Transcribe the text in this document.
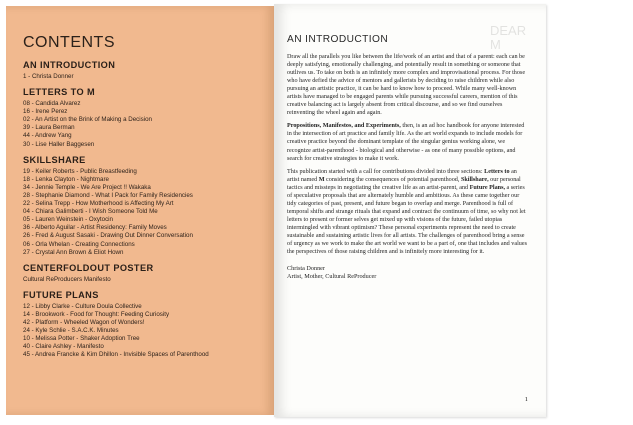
CONTENTS
AN INTRODUCTION
1 - Christa Donner
LETTERS TO M
08 - Candida Alvarez
16 - Irene Perez
02 - An Artist on the Brink of Making a Decision
39 - Laura Berman
44 - Andrew Yang
30 - Lise Haller Baggesen
SKILLSHARE
19 - Keiler Roberts - Public Breastfeeding
18 - Lenka Clayton - Nightmare
34 - Jennie Temple - We Are Project !! Wakaka
28 - Stephanie Diamond - What I Pack for Family Residencies
22 - Selina Trepp - How Motherhood is Affecting My Art
04 - Chiara Galimberti - I Wish Someone Told Me
05 - Lauren Weinstein - Oxytocin
36 - Alberto Aguilar - Artist Residency: Family Moves
26 - Fred & August Sasaki - Drawing Out Dinner Conversation
06 - Orla Whelan - Creating Connections
27 - Crystal Ann Brown & Eliot Hown
CENTERFOLDOUT POSTER
Cultural ReProducers Manifesto
FUTURE PLANS
12 - Libby Clarke - Culture Doula Collective
14 - Brookwork - Food for Thought: Feeding Curiosity
42 - Platform - Wheeled Wagon of Wonders!
24 - Kyle Schlie - S.A.C.K. Minutes
10 - Melissa Potter - Shaker Adoption Tree
40 - Claire Ashley - Manifesto
45 - Andrea Francke & Kim Dhillon - Invisible Spaces of Parenthood
DEAR M
AN INTRODUCTION

Draw all the parallels you like between the life/work of an artist and that of a parent: each can be deeply satisfying, emotionally challenging, and potentially result in something or someone that outlives us. To take on both is an infinitely more complex and improvisational process. For those who have defied the advice of mentors and gallerists by deciding to raise children while also pursuing an artistic practice, it can be hard to know how to proceed. While many well-known artists have managed to be engaged parents while pursuing successful careers, mention of this creative balancing act is largely absent from critical discourse, and so we find ourselves reinventing the wheel again and again.

Propositions, Manifestos, and Experiments, then, is an ad hoc handbook for anyone interested in the intersection of art practice and family life. As the art world expands to include models for creative practice beyond the dominant template of the singular genius working alone, we recognize artist-parenthood - biological and otherwise - as one of many possible options, and search for creative strategies to make it work.

This publication started with a call for contributions divided into three sections: Letters to an artist named M considering the consequences of potential parenthood, Skillshare, our personal tactics and missteps in negotiating the creative life as an artist-parent, and Future Plans, a series of speculative proposals that are alternately humble and ambitious. As these came together our tidy categories of past, present, and future began to overlap and merge. Parenthood is full of temporal shifts and strange rituals that expand and contract the continuum of time, so why not let letters to present or former selves get mixed up with visions of the future, failed utopias intermingled with vibrant optimism? These personal experiments represent the need to create sustainable and sustaining artistic lives for all artists. The challenges of parenthood bring a sense of urgency as we work to make the art world we want to be a part of, one that includes and values the perspectives of those raising children and is infinitely more interesting for it.

Christa Donner
Artist, Mother, Cultural ReProducer
1
